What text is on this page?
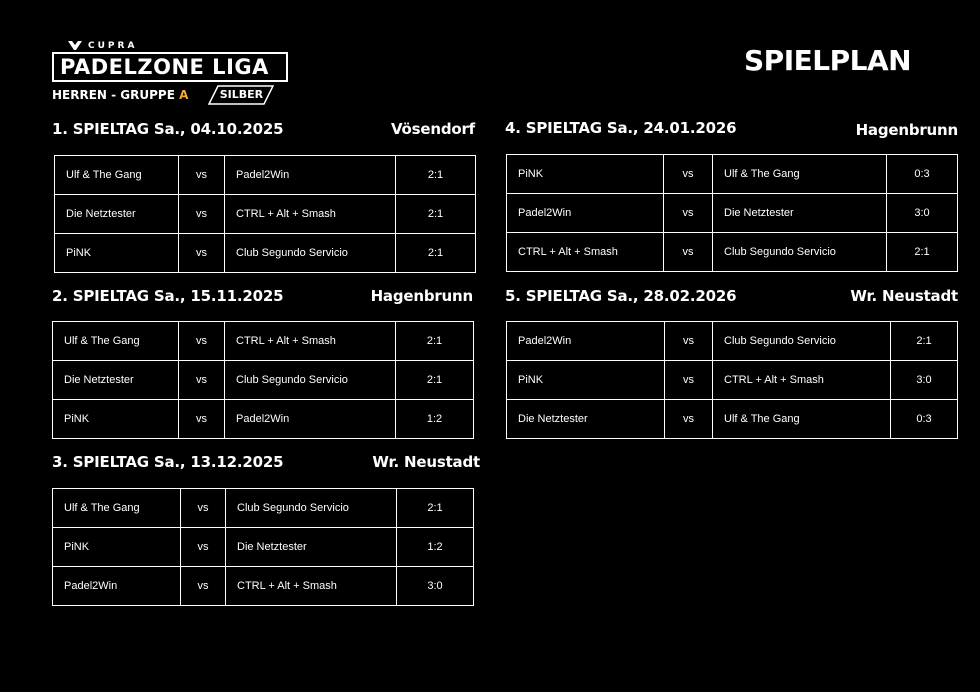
CUPRA
PADELZONE LIGA
HERREN - GRUPPE A	SILBER
SPIELPLAN
1. SPIELTAG Sa., 04.10.2025	Vösendorf
Ulf & The Gang	vs	Padel2Win	2:1
Die Netztester	vs	CTRL + Alt + Smash	2:1
PiNK	vs	Club Segundo Servicio	2:1
2. SPIELTAG Sa., 15.11.2025	Hagenbrunn
Ulf & The Gang	vs	CTRL + Alt + Smash	2:1
Die Netztester	vs	Club Segundo Servicio	2:1
PiNK	vs	Padel2Win	1:2
3. SPIELTAG Sa., 13.12.2025	Wr. Neustadt
Ulf & The Gang	vs	Club Segundo Servicio	2:1
PiNK	vs	Die Netztester	1:2
Padel2Win	vs	CTRL + Alt + Smash	3:0
4. SPIELTAG Sa., 24.01.2026	Hagenbrunn
PiNK	vs	Ulf & The Gang	0:3
Padel2Win	vs	Die Netztester	3:0
CTRL + Alt + Smash	vs	Club Segundo Servicio	2:1
5. SPIELTAG Sa., 28.02.2026	Wr. Neustadt
Padel2Win	vs	Club Segundo Servicio	2:1
PiNK	vs	CTRL + Alt + Smash	3:0
Die Netztester	vs	Ulf & The Gang	0:3
